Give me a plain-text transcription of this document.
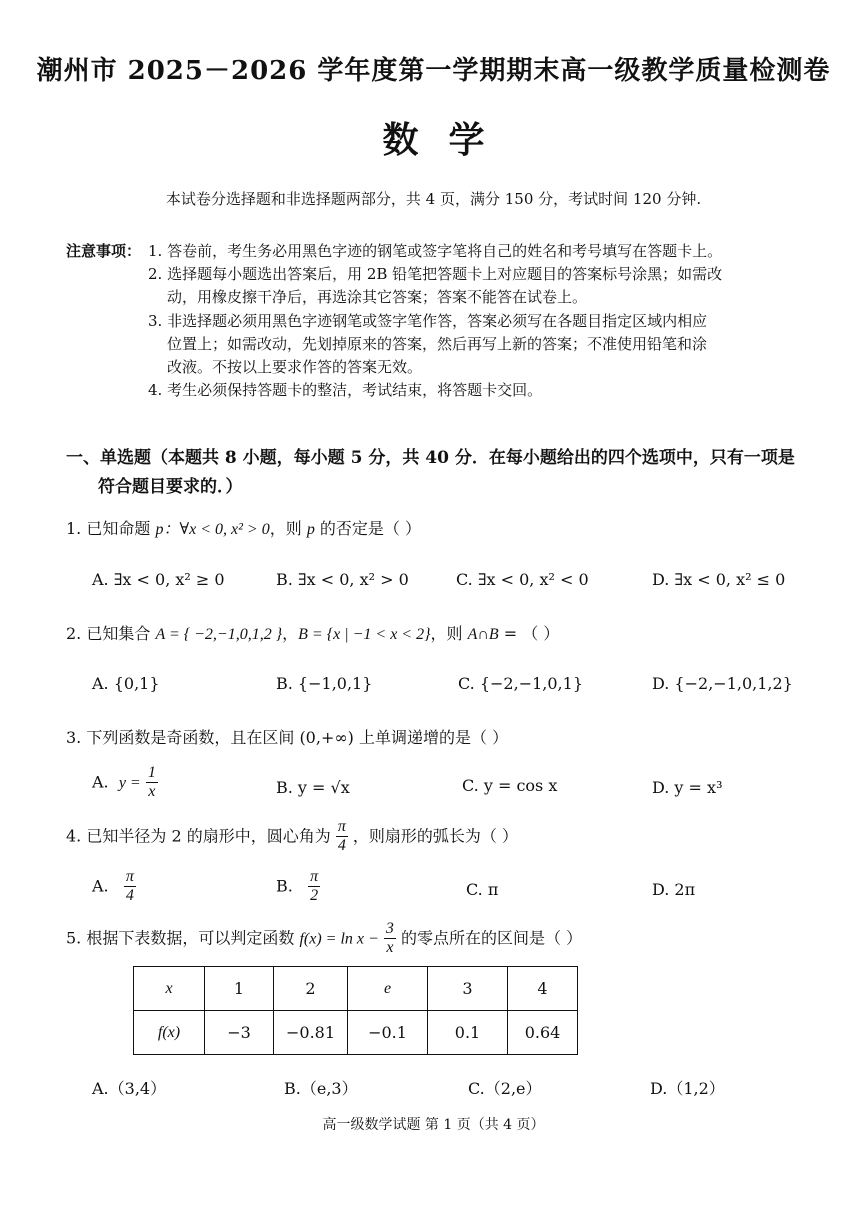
潮州市 2025－2026 学年度第一学期期末高一级教学质量检测卷
数学
本试卷分选择题和非选择题两部分，共 4 页，满分 150 分，考试时间 120 分钟.
注意事项： 1. 答卷前，考生务必用黑色字迹的钢笔或签字笔将自己的姓名和考号填写在答题卡上。
2. 选择题每小题选出答案后，用 2B 铅笔把答题卡上对应题目的答案标号涂黑；如需改
动，用橡皮擦干净后，再选涂其它答案；答案不能答在试卷上。
3. 非选择题必须用黑色字迹钢笔或签字笔作答，答案必须写在各题目指定区域内相应
位置上；如需改动，先划掉原来的答案，然后再写上新的答案；不准使用铅笔和涂
改液。不按以上要求作答的答案无效。
4. 考生必须保持答题卡的整洁，考试结束，将答题卡交回。
一、单选题（本题共 8 小题，每小题 5 分，共 40 分．在每小题给出的四个选项中，只有一项是
符合题目要求的．）
1. 已知命题 p：∀x < 0, x² > 0，则 p 的否定是（ ）
A. ∃x < 0, x² ≥ 0	B. ∃x < 0, x² > 0	C. ∃x < 0, x² < 0	D. ∃x < 0, x² ≤ 0
2. 已知集合 A = { −2,−1,0,1,2 }，B = {x | −1 < x < 2}，则 A∩B = （ ）
A. {0,1}	B. {−1,0,1}	C. {−2,−1,0,1}	D. {−2,−1,0,1,2}
3. 下列函数是奇函数，且在区间 (0,+∞) 上单调递增的是（ ）
A. $y = \frac{1}{x}$	B. y = √x	C. y = cos x	D. y = x³
4. 已知半径为 2 的扇形中，圆心角为 $\frac{\pi}{4}$ ，则扇形的弧长为（ ）
A. $\frac{\pi}{4}$	B. $\frac{\pi}{2}$	C. π	D. 2π
5. 根据下表数据，可以判定函数 $f(x) = \ln x - \frac{3}{x}$ 的零点所在的区间是（ ）
x	1	2	e	3	4
f(x)	−3	−0.81	−0.1	0.1	0.64
A.（3,4）	B.（e,3）	C.（2,e）	D.（1,2）
高一级数学试题 第 1 页（共 4 页）
